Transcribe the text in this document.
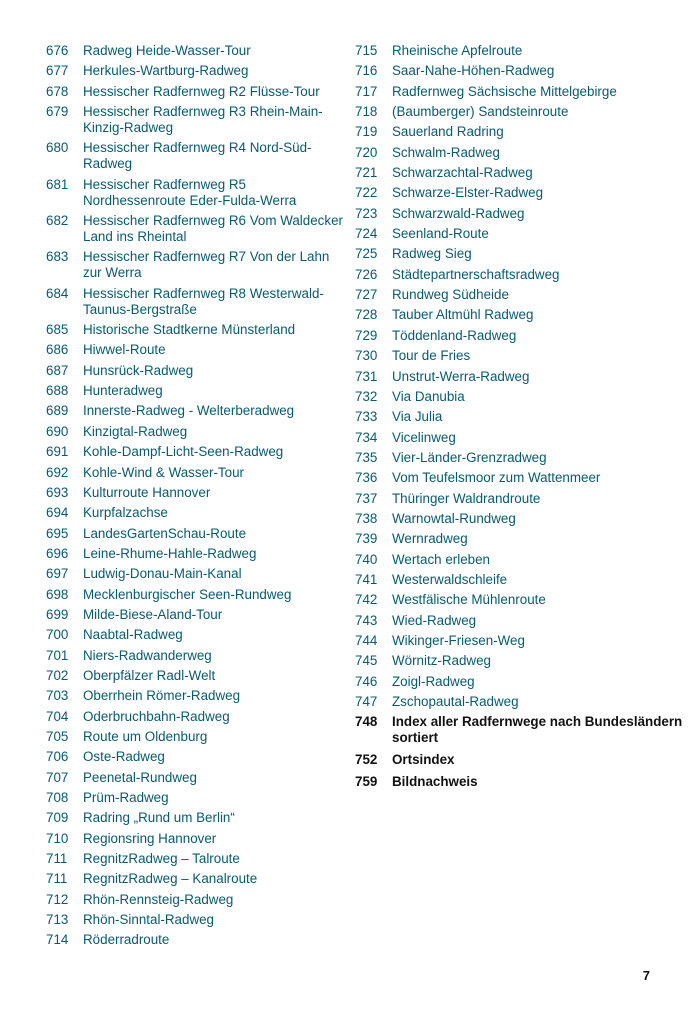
676	Radweg Heide-Wasser-Tour
677	Herkules-Wartburg-Radweg
678	Hessischer Radfernweg R2 Flüsse-Tour
679	Hessischer Radfernweg R3 Rhein-Main-Kinzig-Radweg
680	Hessischer Radfernweg R4 Nord-Süd-Radweg
681	Hessischer Radfernweg R5 Nordhessenroute Eder-Fulda-Werra
682	Hessischer Radfernweg R6 Vom Waldecker Land ins Rheintal
683	Hessischer Radfernweg R7 Von der Lahn zur Werra
684	Hessischer Radfernweg R8 Westerwald-Taunus-Bergstraße
685	Historische Stadtkerne Münsterland
686	Hiwwel-Route
687	Hunsrück-Radweg
688	Hunteradweg
689	Innerste-Radweg - Welterberadweg
690	Kinzigtal-Radweg
691	Kohle-Dampf-Licht-Seen-Radweg
692	Kohle-Wind & Wasser-Tour
693	Kulturroute Hannover
694	Kurpfalzachse
695	LandesGartenSchau-Route
696	Leine-Rhume-Hahle-Radweg
697	Ludwig-Donau-Main-Kanal
698	Mecklenburgischer Seen-Rundweg
699	Milde-Biese-Aland-Tour
700	Naabtal-Radweg
701	Niers-Radwanderweg
702	Oberpfälzer Radl-Welt
703	Oberrhein Römer-Radweg
704	Oderbruchbahn-Radweg
705	Route um Oldenburg
706	Oste-Radweg
707	Peenetal-Rundweg
708	Prüm-Radweg
709	Radring „Rund um Berlin“
710	Regionsring Hannover
711	RegnitzRadweg – Talroute
711	RegnitzRadweg – Kanalroute
712	Rhön-Rennsteig-Radweg
713	Rhön-Sinntal-Radweg
714	Röderradroute
715	Rheinische Apfelroute
716	Saar-Nahe-Höhen-Radweg
717	Radfernweg Sächsische Mittelgebirge
718	(Baumberger) Sandsteinroute
719	Sauerland Radring
720	Schwalm-Radweg
721	Schwarzachtal-Radweg
722	Schwarze-Elster-Radweg
723	Schwarzwald-Radweg
724	Seenland-Route
725	Radweg Sieg
726	Städtepartnerschaftsradweg
727	Rundweg Südheide
728	Tauber Altmühl Radweg
729	Töddenland-Radweg
730	Tour de Fries
731	Unstrut-Werra-Radweg
732	Via Danubia
733	Via Julia
734	Vicelinweg
735	Vier-Länder-Grenzradweg
736	Vom Teufelsmoor zum Wattenmeer
737	Thüringer Waldrandroute
738	Warnowtal-Rundweg
739	Wernradweg
740	Wertach erleben
741	Westerwaldschleife
742	Westfälische Mühlenroute
743	Wied-Radweg
744	Wikinger-Friesen-Weg
745	Wörnitz-Radweg
746	Zoigl-Radweg
747	Zschopautal-Radweg
748	Index aller Radfernwege nach Bundesländern sortiert
752	Ortsindex
759	Bildnachweis
7
